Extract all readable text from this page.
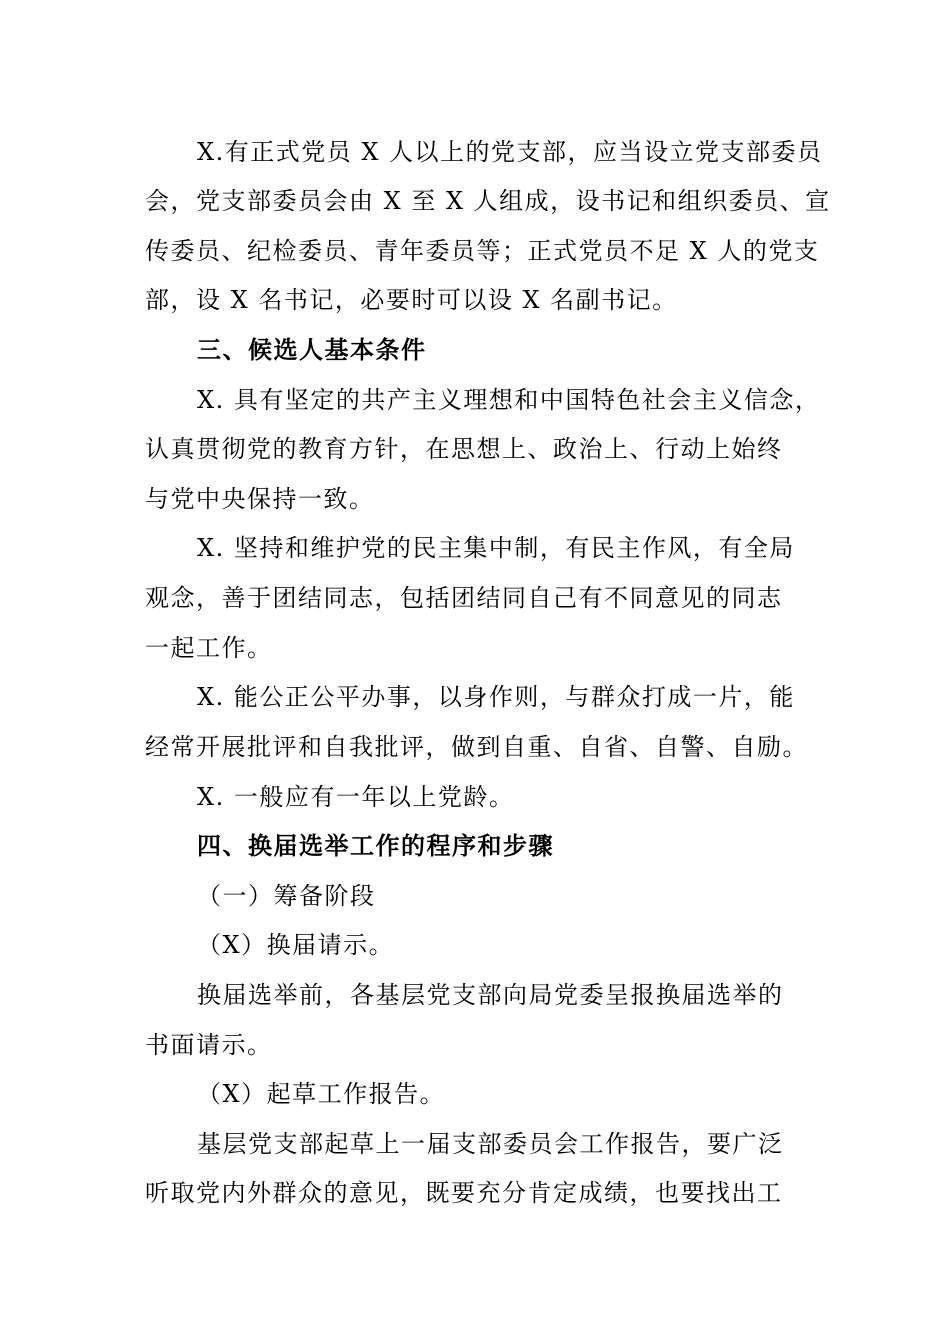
X.有正式党员 X 人以上的党支部，应当设立党支部委员
会，党支部委员会由 X 至 X 人组成，设书记和组织委员、宣
传委员、纪检委员、青年委员等；正式党员不足 X 人的党支
部，设 X 名书记，必要时可以设 X 名副书记。
三、候选人基本条件
X. 具有坚定的共产主义理想和中国特色社会主义信念，
认真贯彻党的教育方针，在思想上、政治上、行动上始终
与党中央保持一致。
X. 坚持和维护党的民主集中制，有民主作风，有全局
观念，善于团结同志，包括团结同自己有不同意见的同志
一起工作。
X. 能公正公平办事，以身作则，与群众打成一片，能
经常开展批评和自我批评，做到自重、自省、自警、自励。
X. 一般应有一年以上党龄。
四、换届选举工作的程序和步骤
（一）筹备阶段
（X）换届请示。
换届选举前，各基层党支部向局党委呈报换届选举的
书面请示。
（X）起草工作报告。
基层党支部起草上一届支部委员会工作报告，要广泛
听取党内外群众的意见，既要充分肯定成绩，也要找出工
